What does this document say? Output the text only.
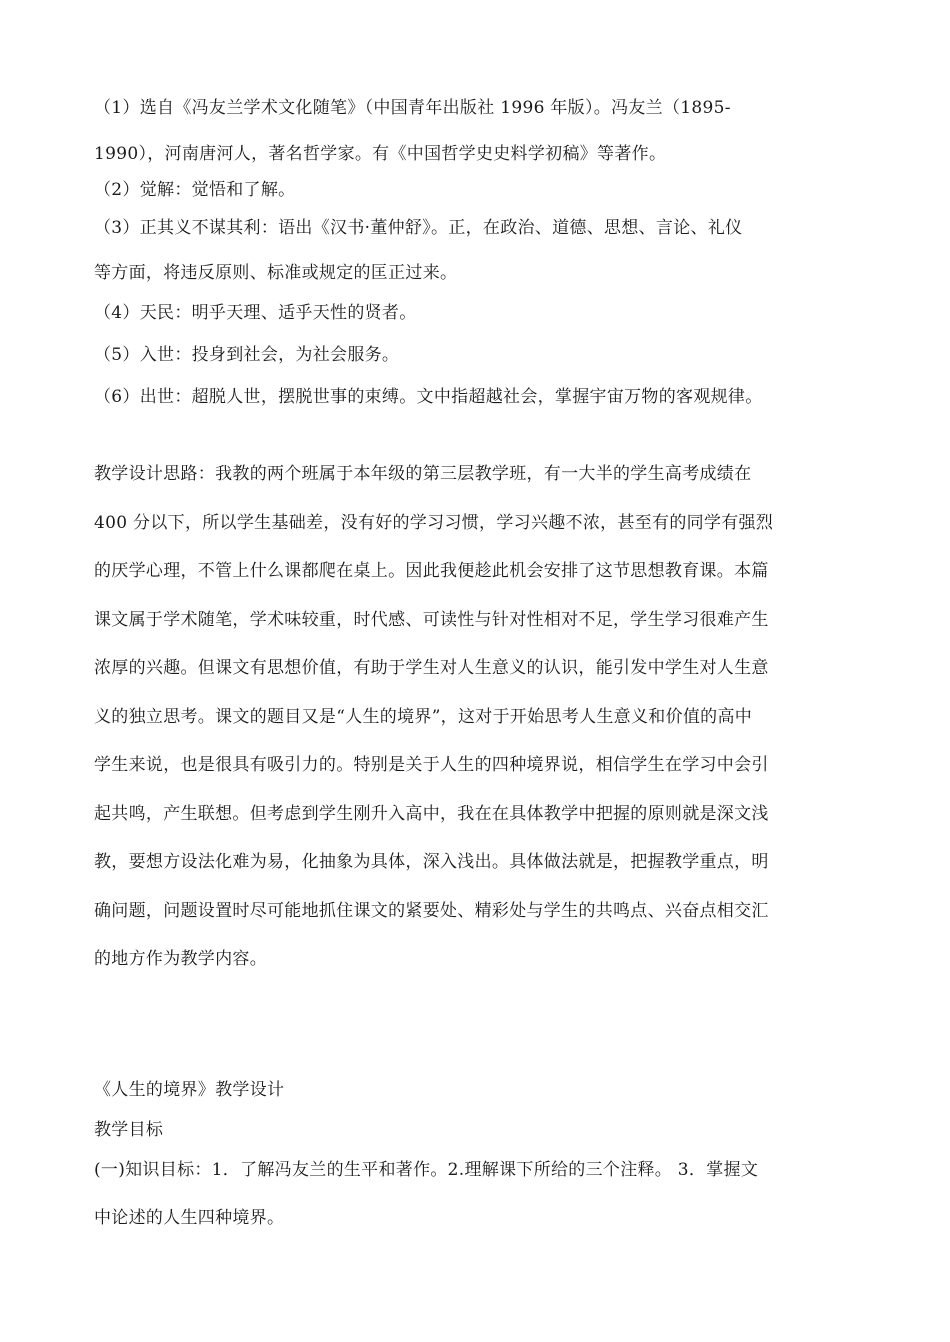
（1）选自《冯友兰学术文化随笔》（中国青年出版社 1996 年版）。冯友兰（1895-
1990），河南唐河人，著名哲学家。有《中国哲学史史料学初稿》等著作。
（2）觉解：觉悟和了解。
（3）正其义不谋其利：语出《汉书·董仲舒》。正，在政治、道德、思想、言论、礼仪
等方面，将违反原则、标准或规定的匡正过来。
（4）天民：明乎天理、适乎天性的贤者。
（5）入世：投身到社会，为社会服务。
（6）出世：超脱人世，摆脱世事的束缚。文中指超越社会，掌握宇宙万物的客观规律。
教学设计思路：我教的两个班属于本年级的第三层教学班，有一大半的学生高考成绩在
400 分以下，所以学生基础差，没有好的学习习惯，学习兴趣不浓，甚至有的同学有强烈
的厌学心理，不管上什么课都爬在桌上。因此我便趁此机会安排了这节思想教育课。本篇
课文属于学术随笔，学术味较重，时代感、可读性与针对性相对不足，学生学习很难产生
浓厚的兴趣。但课文有思想价值，有助于学生对人生意义的认识，能引发中学生对人生意
义的独立思考。课文的题目又是“人生的境界”，这对于开始思考人生意义和价值的高中
学生来说，也是很具有吸引力的。特别是关于人生的四种境界说，相信学生在学习中会引
起共鸣，产生联想。但考虑到学生刚升入高中，我在在具体教学中把握的原则就是深文浅
教，要想方设法化难为易，化抽象为具体，深入浅出。具体做法就是，把握教学重点，明
确问题，问题设置时尽可能地抓住课文的紧要处、精彩处与学生的共鸣点、兴奋点相交汇
的地方作为教学内容。
《人生的境界》教学设计
教学目标
(一)知识目标：1．了解冯友兰的生平和著作。2.理解课下所给的三个注释。 3．掌握文
中论述的人生四种境界。
